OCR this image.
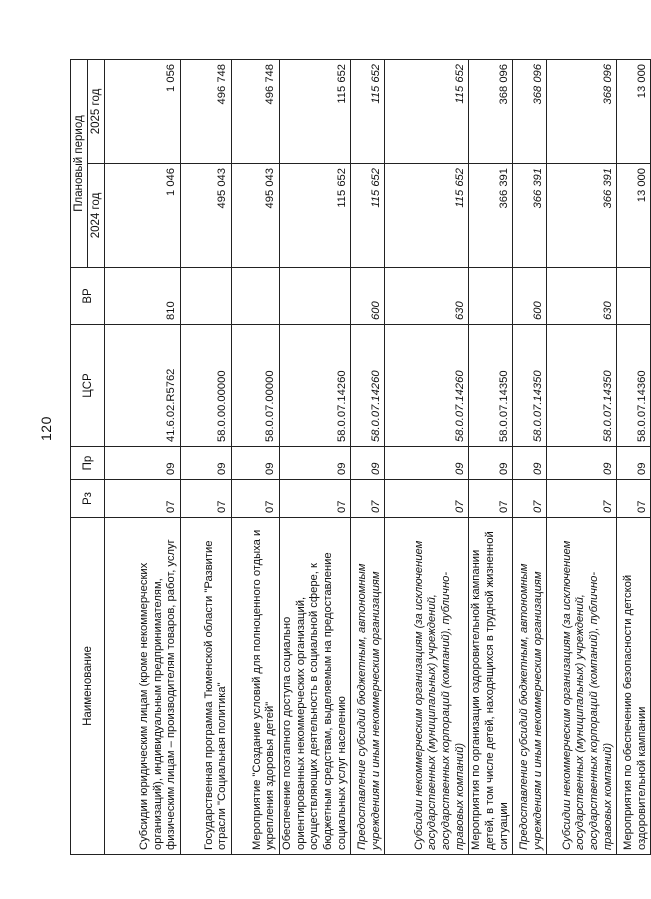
120
Наименование	Рз	Пр	ЦСР	ВР	Плановый период	
					2024 год	2025 год
Субсидии юридическим лицам (кроме некоммерческих организаций), индивидуальным предпринимателям, физическим лицам – производителям товаров, работ, услуг	07	09	41.6.02.R5762	810	1 046	1 056
Государственная программа Тюменской области "Развитие отрасли "Социальная политика"	07	09	58.0.00.00000		495 043	496 748
Мероприятие "Создание условий для полноценного отдыха и укрепления здоровья детей"	07	09	58.0.07.00000		495 043	496 748
Обеспечение поэтапного доступа социально ориентированных некоммерческих организаций, осуществляющих деятельность в социальной сфере, к бюджетным средствам, выделяемым на предоставление социальных услуг населению	07	09	58.0.07.14260		115 652	115 652
Предоставление субсидий бюджетным, автономным учреждениям и иным некоммерческим организациям	07	09	58.0.07.14260	600	115 652	115 652
Субсидии некоммерческим организациям (за исключением государственных (муниципальных) учреждений, государственных корпораций (компаний), публично-правовых компаний)	07	09	58.0.07.14260	630	115 652	115 652
Мероприятия по организации оздоровительной кампании детей, в том числе детей, находящихся в трудной жизненной ситуации	07	09	58.0.07.14350		366 391	368 096
Предоставление субсидий бюджетным, автономным учреждениям и иным некоммерческим организациям	07	09	58.0.07.14350	600	366 391	368 096
Субсидии некоммерческим организациям (за исключением государственных (муниципальных) учреждений, государственных корпораций (компаний), публично-правовых компаний)	07	09	58.0.07.14350	630	366 391	368 096
Мероприятия по обеспечению безопасности детской оздоровительной кампании	07	09	58.0.07.14360		13 000	13 000
